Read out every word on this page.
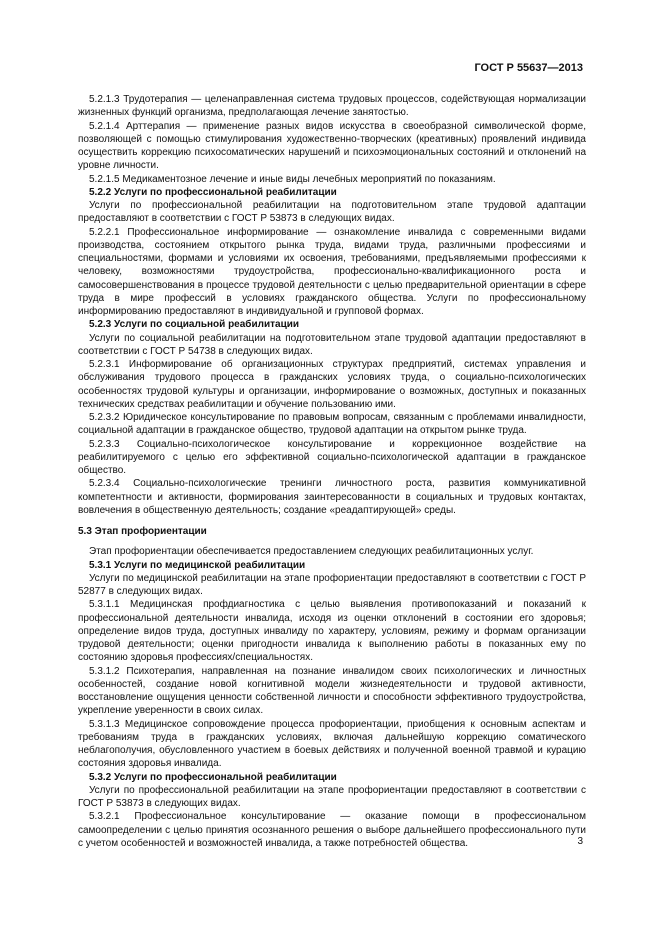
ГОСТ Р 55637—2013

5.2.1.3 Трудотерапия — целенаправленная система трудовых процессов, содействующая нормализации жизненных функций организма, предполагающая лечение занятостью.

5.2.1.4 Арттерапия — применение разных видов искусства в своеобразной символической форме, позволяющей с помощью стимулирования художественно-творческих (креативных) проявлений индивида осуществить коррекцию психосоматических нарушений и психоэмоциональных состояний и отклонений на уровне личности.

5.2.1.5 Медикаментозное лечение и иные виды лечебных мероприятий по показаниям.

5.2.2 Услуги по профессиональной реабилитации

Услуги по профессиональной реабилитации на подготовительном этапе трудовой адаптации предоставляют в соответствии с ГОСТ Р 53873 в следующих видах.

5.2.2.1 Профессиональное информирование — ознакомление инвалида с современными видами производства, состоянием открытого рынка труда, видами труда, различными профессиями и специальностями, формами и условиями их освоения, требованиями, предъявляемыми профессиями к человеку, возможностями трудоустройства, профессионально-квалификационного роста и самосовершенствования в процессе трудовой деятельности с целью предварительной ориентации в сфере труда в мире профессий в условиях гражданского общества. Услуги по профессиональному информированию предоставляют в индивидуальной и групповой формах.

5.2.3 Услуги по социальной реабилитации

Услуги по социальной реабилитации на подготовительном этапе трудовой адаптации предоставляют в соответствии с ГОСТ Р 54738 в следующих видах.

5.2.3.1 Информирование об организационных структурах предприятий, системах управления и обслуживания трудового процесса в гражданских условиях труда, о социально-психологических особенностях трудовой культуры и организации, информирование о возможных, доступных и показанных технических средствах реабилитации и обучение пользованию ими.

5.2.3.2 Юридическое консультирование по правовым вопросам, связанным с проблемами инвалидности, социальной адаптации в гражданское общество, трудовой адаптации на открытом рынке труда.

5.2.3.3 Социально-психологическое консультирование и коррекционное воздействие на реабилитируемого с целью его эффективной социально-психологической адаптации в гражданское общество.

5.2.3.4 Социально-психологические тренинги личностного роста, развития коммуникативной компетентности и активности, формирования заинтересованности в социальных и трудовых контактах, вовлечения в общественную деятельность; создание «реадаптирующей» среды.

5.3 Этап профориентации

Этап профориентации обеспечивается предоставлением следующих реабилитационных услуг.

5.3.1 Услуги по медицинской реабилитации

Услуги по медицинской реабилитации на этапе профориентации предоставляют в соответствии с ГОСТ Р 52877 в следующих видах.

5.3.1.1 Медицинская профдиагностика с целью выявления противопоказаний и показаний к профессиональной деятельности инвалида, исходя из оценки отклонений в состоянии его здоровья; определение видов труда, доступных инвалиду по характеру, условиям, режиму и формам организации трудовой деятельности; оценки пригодности инвалида к выполнению работы в показанных ему по состоянию здоровья профессиях/специальностях.

5.3.1.2 Психотерапия, направленная на познание инвалидом своих психологических и личностных особенностей, создание новой когнитивной модели жизнедеятельности и трудовой активности, восстановление ощущения ценности собственной личности и способности эффективного трудоустройства, укрепление уверенности в своих силах.

5.3.1.3 Медицинское сопровождение процесса профориентации, приобщения к основным аспектам и требованиям труда в гражданских условиях, включая дальнейшую коррекцию соматического неблагополучия, обусловленного участием в боевых действиях и полученной военной травмой и курацию состояния здоровья инвалида.

5.3.2 Услуги по профессиональной реабилитации

Услуги по профессиональной реабилитации на этапе профориентации предоставляют в соответствии с ГОСТ Р 53873 в следующих видах.

5.3.2.1 Профессиональное консультирование — оказание помощи в профессиональном самоопределении с целью принятия осознанного решения о выборе дальнейшего профессионального пути с учетом особенностей и возможностей инвалида, а также потребностей общества.	3
